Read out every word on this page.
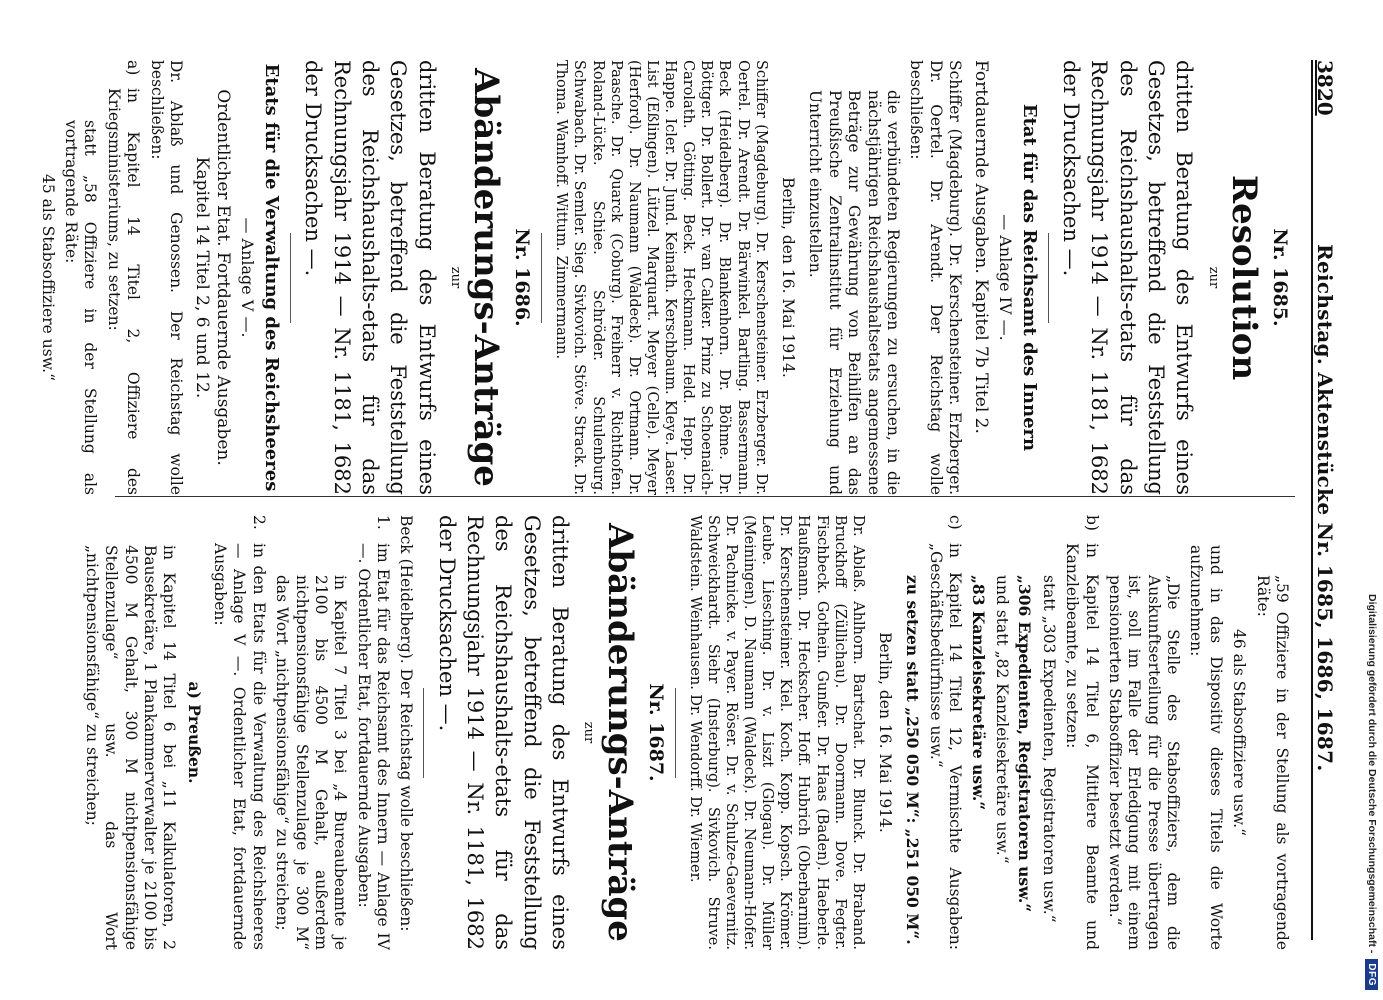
3820
Reichstag. Aktenstücke Nr. 1685, 1686, 1687.
Nr. 1685.
Resolution
zur
dritten Beratung des Entwurfs eines Gesetzes, betreffend die Feststellung des Reichshaushalts-etats für das Rechnungsjahr 1914 — Nr. 1181, 1682 der Drucksachen —.
Etat für das Reichsamt des Innern
— Anlage IV —.
Fortdauernde Ausgaben. Kapitel 7b Titel 2.
Schiffer (Magdeburg). Dr. Kerschensteiner. Erzberger. Dr. Oertel. Dr. Arendt. Der Reichstag wolle beschließen:
die verbündeten Regierungen zu ersuchen, in die nächstjährigen Reichshaushaltsetats angemessene Beträge zur Gewährung von Beihilfen an das Preußische Zentralinstitut für Erziehung und Unterricht einzustellen.
Berlin, den 16. Mai 1914.
Schiffer (Magdeburg). Dr. Kerschensteiner. Erzberger. Dr. Oertel. Dr. Arendt. Dr. Bärwinkel. Bartling. Bassermann. Beck (Heidelberg). Dr. Blankenhorn. Dr. Böhme. Dr. Böttger. Dr. Bollert. Dr. van Calker. Prinz zu Schoenaich-Carolath. Götting. Beck. Heckmann. Held. Hepp. Dr. Happe. Icler. Dr. Jund. Keinath. Kerschbaum. Kleye. Laser. List (Eßlingen). Lützel. Marquart. Meyer (Celle). Meyer (Herford). Dr. Naumann (Waldeck). Dr. Ortmann. Dr. Paasche. Dr. Quarck (Coburg). Freiherr v. Richthofen. Roland-Lücke. Schiee. Schröder. Schulenburg. Schwabach. Dr. Semler. Sieg. Sivkovich. Stöve. Strack. Dr. Thoma. Wamhoff. Wittum. Zimmermann.
Nr. 1686.
Abänderungs-Anträge
zur
dritten Beratung des Entwurfs eines Gesetzes, betreffend die Feststellung des Reichshaushalts-etats für das Rechnungsjahr 1914 — Nr. 1181, 1682 der Drucksachen —.
Etats für die Verwaltung des Reichsheeres
— Anlage V —.
Ordentlicher Etat. Fortdauernde Ausgaben. Kapitel 14 Titel 2, 6 und 12.
Dr. Ablaß und Genossen. Der Reichstag wolle beschließen:
a)
in Kapitel 14 Titel 2, Offiziere des Kriegsministeriums, zu setzen:
statt „58 Offiziere in der Stellung als vortragende Räte:
45 als Stabsoffiziere usw.“
„59 Offiziere in der Stellung als vortragende Räte:
46 als Stabsoffiziere usw.“
und in das Dispositiv dieses Titels die Worte aufzunehmen:
„Die Stelle des Stabsoffiziers, dem die Auskunftserteilung für die Presse übertragen ist, soll im Falle der Erledigung mit einem pensionierten Stabsoffizier besetzt werden.“
b)
in Kapitel 14 Titel 6, Mittlere Beamte und Kanzleibeamte, zu setzen:
statt „303 Expedienten, Registratoren usw.“
„306 Expedienten, Registratoren usw.“
und statt „82 Kanzleisekretäre usw.“
„83 Kanzleisekretäre usw.“
c)
in Kapitel 14 Titel 12, Vermischte Ausgaben: „Geschäftsbedürfnisse usw.“
zu setzen statt „250 050 M“: „251 050 M“.
Berlin, den 16. Mai 1914.
Dr. Ablaß. Ahlhorn. Bartschat. Dr. Blunck. Dr. Braband. Bruckhoff (Züllichau). Dr. Doormann. Dove. Fegter. Fischbeck. Gothein. Gunßer. Dr. Haas (Baden). Haeberle. Haußmann. Dr. Heckscher. Hoff. Hubrich (Oberbarnim). Dr. Kerschensteiner. Kiel. Koch. Kopp. Kopsch. Krömer. Leube. Liesching. Dr. v. Liszt (Glogau). Dr. Müller (Meiningen). D. Naumann (Waldeck). Dr. Neumann-Hofer. Dr. Pachnicke. v. Payer. Röser. Dr. v. Schulze-Gaevernitz. Schweickhardt. Siehr (Insterburg). Sivkovich. Struve. Waldstein. Weinhausen. Dr. Wendorff. Dr. Wiemer.
Nr. 1687.
Abänderungs-Anträge
zur
dritten Beratung des Entwurfs eines Gesetzes, betreffend die Feststellung des Reichshaushalts-etats für das Rechnungsjahr 1914 — Nr. 1181, 1682 der Drucksachen —.
Beck (Heidelberg). Der Reichstag wolle beschließen:
1.
im Etat für das Reichsamt des Innern — Anlage IV —. Ordentlicher Etat, fortdauernde Ausgaben:
in Kapitel 7 Titel 3 bei „4 Bureaubeamte je 2100 bis 4500 M Gehalt, außerdem nichtpensionsfähige Stellenzulage je 300 M“ das Wort „nichtpensionsfähige“ zu streichen;
2.
in den Etats für die Verwaltung des Reichsheeres — Anlage V —. Ordentlicher Etat, fortdauernde Ausgaben:
a) Preußen.
in Kapitel 14 Titel 6 bei „11 Kalkulatoren, 2 Bausekretäre, 1 Plankammerverwalter je 2100 bis 4500 M Gehalt, 300 M nichtpensionsfähige Stellenzulage“ usw. das Wort „nichtpensionsfähige“ zu streichen;	Digitalisierung gefördert durch die Deutsche Forschungsgemeinschaft -
DFG
